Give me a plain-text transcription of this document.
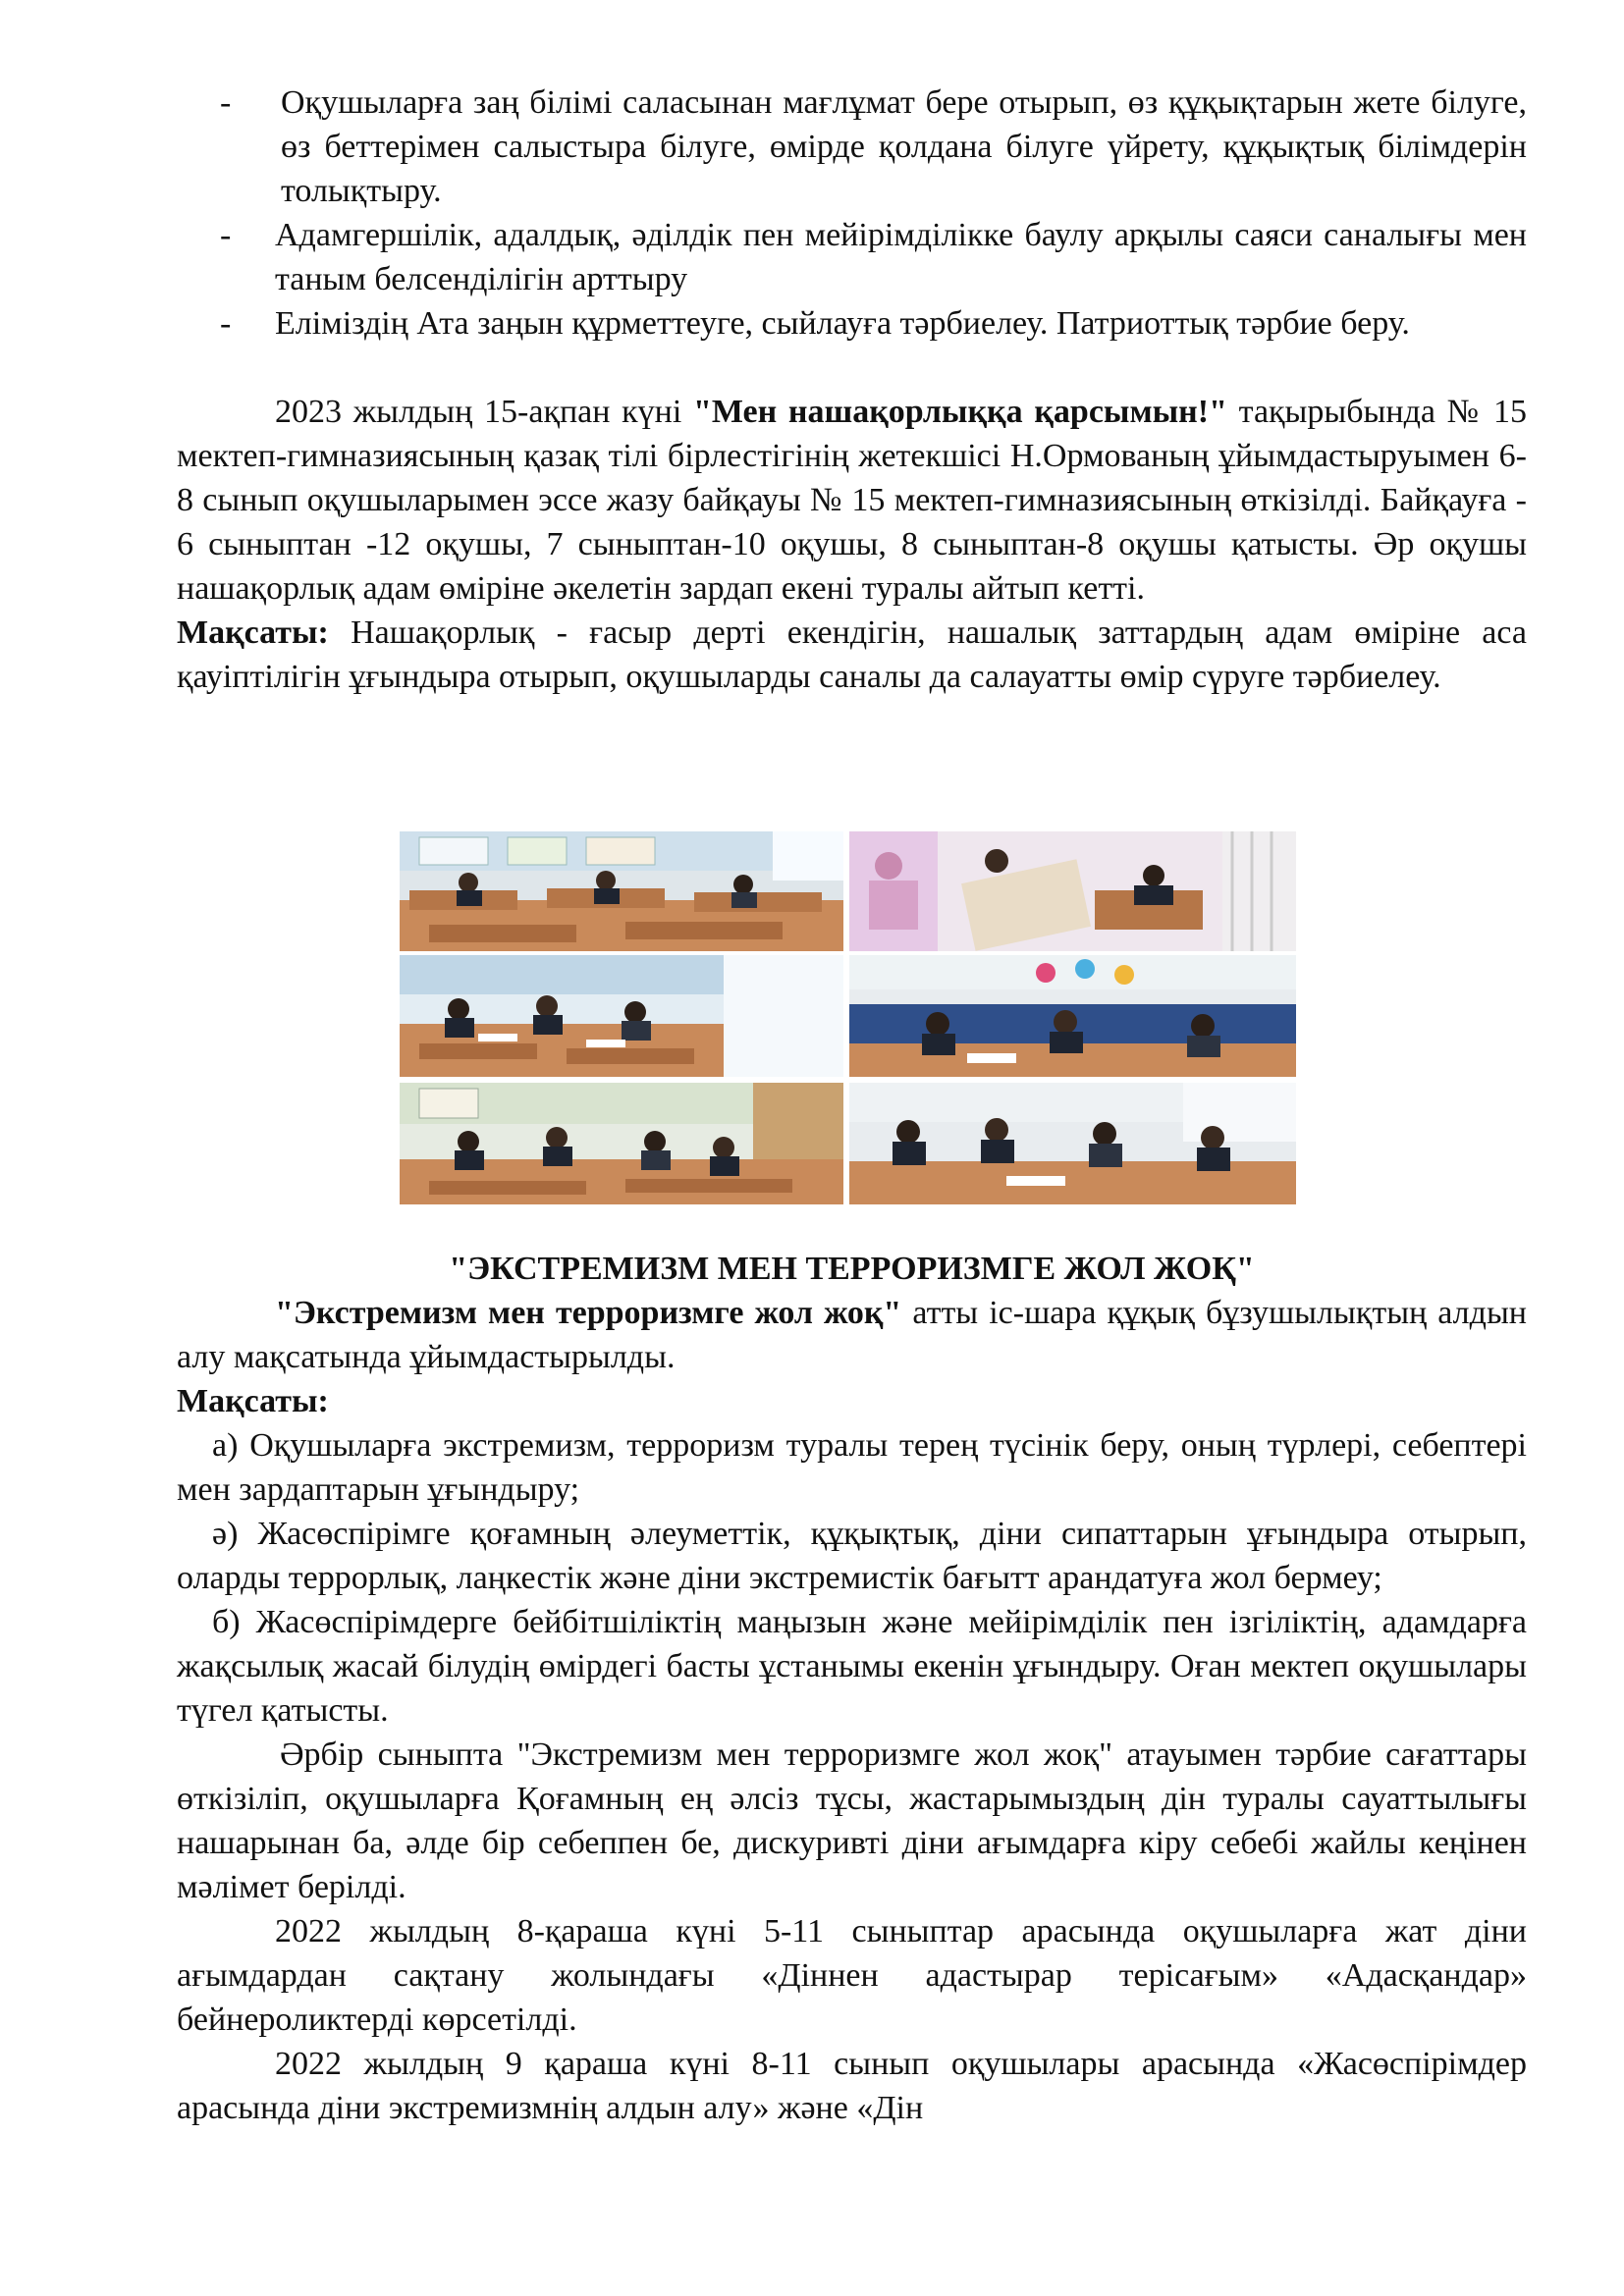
-	Оқушыларға заң білімі саласынан мағлұмат бере отырып, өз құқықтарын жете білуге, өз беттерімен салыстыра білуге, өмірде қолдана білуге үйрету, құқықтық білімдерін толықтыру.
-	Адамгершілік, адалдық, әділдік пен мейірімділікке баулу арқылы саяси саналығы мен таным белсенділігін арттыру
-	Еліміздің Ата заңын құрметтеуге, сыйлауға тәрбиелеу. Патриоттық тәрбие беру.

2023 жылдың 15-ақпан күні "Мен нашақорлыққа қарсымын!" тақырыбында № 15 мектеп-гимназиясының қазақ тілі бірлестігінің жетекшісі Н.Ормованың ұйымдастыруымен 6-8 сынып оқушыларымен эссе жазу байқауы № 15 мектеп-гимназиясының өткізілді. Байқауға - 6 сыныптан -12 оқушы, 7 сыныптан-10 оқушы, 8 сыныптан-8 оқушы қатысты. Әр оқушы нашақорлық адам өміріне әкелетін зардап екені туралы айтып кетті.

Мақсаты: Нашақорлық - ғасыр дерті екендігін, нашалық заттардың адам өміріне аса қауіптілігін ұғындыра отырып, оқушыларды саналы да салауатты өмір сүруге тәрбиелеу.

"ЭКСТРЕМИЗМ МЕН ТЕРРОРИЗМГЕ ЖОЛ ЖОҚ"

"Экстремизм мен терроризмге жол жоқ" атты іс-шара құқық бұзушылықтың алдын алу мақсатында ұйымдастырылды.

Мақсаты:

а) Оқушыларға экстремизм, терроризм туралы терең түсінік беру, оның түрлері, себептері мен зардаптарын ұғындыру;

ә) Жасөспірімге қоғамның әлеуметтік, құқықтық, діни сипаттарын ұғындыра отырып, оларды террорлық, лаңкестік және діни экстремистік бағытт арандатуға жол бермеу;

б) Жасөспірімдерге бейбітшіліктің маңызын және мейірімділік пен ізгіліктің, адамдарға жақсылық жасай білудің өмірдегі басты ұстанымы екенін ұғындыру. Оған мектеп оқушылары түгел қатысты.

Әрбір сыныпта "Экстремизм мен терроризмге жол жоқ" атауымен тәрбие сағаттары өткізіліп, оқушыларға Қоғамның ең әлсіз тұсы, жастарымыздың дін туралы сауаттылығы нашарынан ба, әлде бір себеппен бе, дискуривті діни ағымдарға кіру себебі жайлы кеңінен мәлімет берілді.

2022 жылдың 8-қараша күні 5-11 сыныптар арасында оқушыларға жат діни ағымдардан сақтану жолындағы «Діннен адастырар терісағым» «Адасқандар» бейнероликтерді көрсетілді.

2022 жылдың 9 қараша күні 8-11 сынып оқушылары арасында «Жасөспірімдер арасында діни экстремизмнің алдын алу» және «Дін
